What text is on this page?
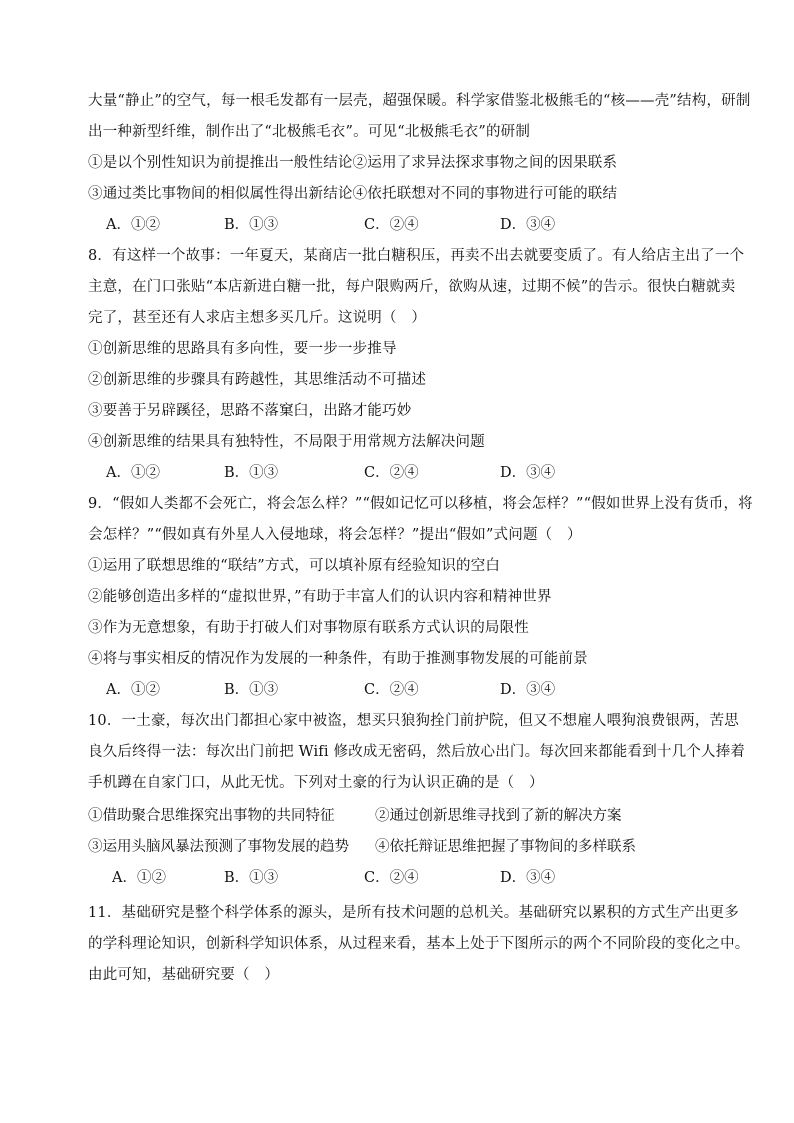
大量“静止”的空气，每一根毛发都有一层壳，超强保暖。科学家借鉴北极熊毛的“核——壳”结构，研制
出一种新型纤维，制作出了“北极熊毛衣”。可见“北极熊毛衣”的研制
①是以个别性知识为前提推出一般性结论②运用了求异法探求事物之间的因果联系
③通过类比事物间的相似属性得出新结论④依托联想对不同的事物进行可能的联结
A．①②	B．①③	C．②④	D．③④
8．有这样一个故事：一年夏天，某商店一批白糖积压，再卖不出去就要变质了。有人给店主出了一个
主意，在门口张贴“本店新进白糖一批，每户限购两斤，欲购从速，过期不候”的告示。很快白糖就卖
完了，甚至还有人求店主想多买几斤。这说明（　）
①创新思维的思路具有多向性，要一步一步推导
②创新思维的步骤具有跨越性，其思维活动不可描述
③要善于另辟蹊径，思路不落窠臼，出路才能巧妙
④创新思维的结果具有独特性，不局限于用常规方法解决问题
A．①②	B．①③	C．②④	D．③④
9．“假如人类都不会死亡，将会怎么样？”“假如记忆可以移植，将会怎样？”“假如世界上没有货币，将
会怎样？”“假如真有外星人入侵地球，将会怎样？”提出“假如”式问题（　）
①运用了联想思维的“联结”方式，可以填补原有经验知识的空白
②能够创造出多样的“虚拟世界，”有助于丰富人们的认识内容和精神世界
③作为无意想象，有助于打破人们对事物原有联系方式认识的局限性
④将与事实相反的情况作为发展的一种条件，有助于推测事物发展的可能前景
A．①②	B．①③	C．②④	D．③④
10．一土豪，每次出门都担心家中被盗，想买只狼狗拴门前护院，但又不想雇人喂狗浪费银两，苦思
良久后终得一法：每次出门前把 Wifi 修改成无密码，然后放心出门。每次回来都能看到十几个人捧着
手机蹲在自家门口，从此无忧。下列对土豪的行为认识正确的是（　）
①借助聚合思维探究出事物的共同特征	②通过创新思维寻找到了新的解决方案
③运用头脑风暴法预测了事物发展的趋势 ④依托辩证思维把握了事物间的多样联系
A．①②	B．①③	C．②④	D．③④
11．基础研究是整个科学体系的源头，是所有技术问题的总机关。基础研究以累积的方式生产出更多
的学科理论知识，创新科学知识体系，从过程来看，基本上处于下图所示的两个不同阶段的变化之中。
由此可知，基础研究要（　）
